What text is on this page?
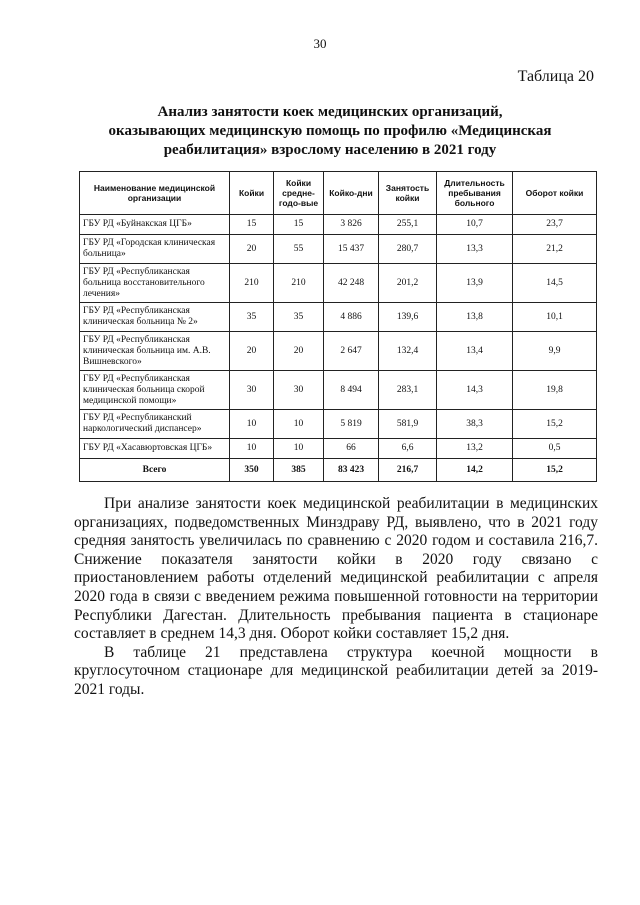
30
Таблица 20
Анализ занятости коек медицинских организаций,
оказывающих медицинскую помощь по профилю «Медицинская
реабилитация» взрослому населению в 2021 году
Наименование медицинской организации	Койки	Койки средне-годо-вые	Койко-дни	Занятость койки	Длительность пребывания больного	Оборот койки
ГБУ РД «Буйнакская ЦГБ»	15	15	3 826	255,1	10,7	23,7
ГБУ РД «Городская клиническая больница»	20	55	15 437	280,7	13,3	21,2
ГБУ РД «Республиканская больница восстановительного лечения»	210	210	42 248	201,2	13,9	14,5
ГБУ РД «Республиканская клиническая больница № 2»	35	35	4 886	139,6	13,8	10,1
ГБУ РД «Республиканская клиническая больница им. А.В. Вишневского»	20	20	2 647	132,4	13,4	9,9
ГБУ РД «Республиканская клиническая больница скорой медицинской помощи»	30	30	8 494	283,1	14,3	19,8
ГБУ РД «Республиканский наркологический диспансер»	10	10	5 819	581,9	38,3	15,2
ГБУ РД «Хасавюртовская ЦГБ»	10	10	66	6,6	13,2	0,5
Всего	350	385	83 423	216,7	14,2	15,2

При анализе занятости коек медицинской реабилитации в медицинских организациях, подведомственных Минздраву РД, выявлено, что в 2021 году средняя занятость увеличилась по сравнению с 2020 годом и составила 216,7. Снижение показателя занятости койки в 2020 году связано с приостановлением работы отделений медицинской реабилитации с апреля 2020 года в связи с введением режима повышенной готовности на территории Республики Дагестан. Длительность пребывания пациента в стационаре составляет в среднем 14,3 дня. Оборот койки составляет 15,2 дня.

В таблице 21 представлена структура коечной мощности в круглосуточном стационаре для медицинской реабилитации детей за 2019-2021 годы.
